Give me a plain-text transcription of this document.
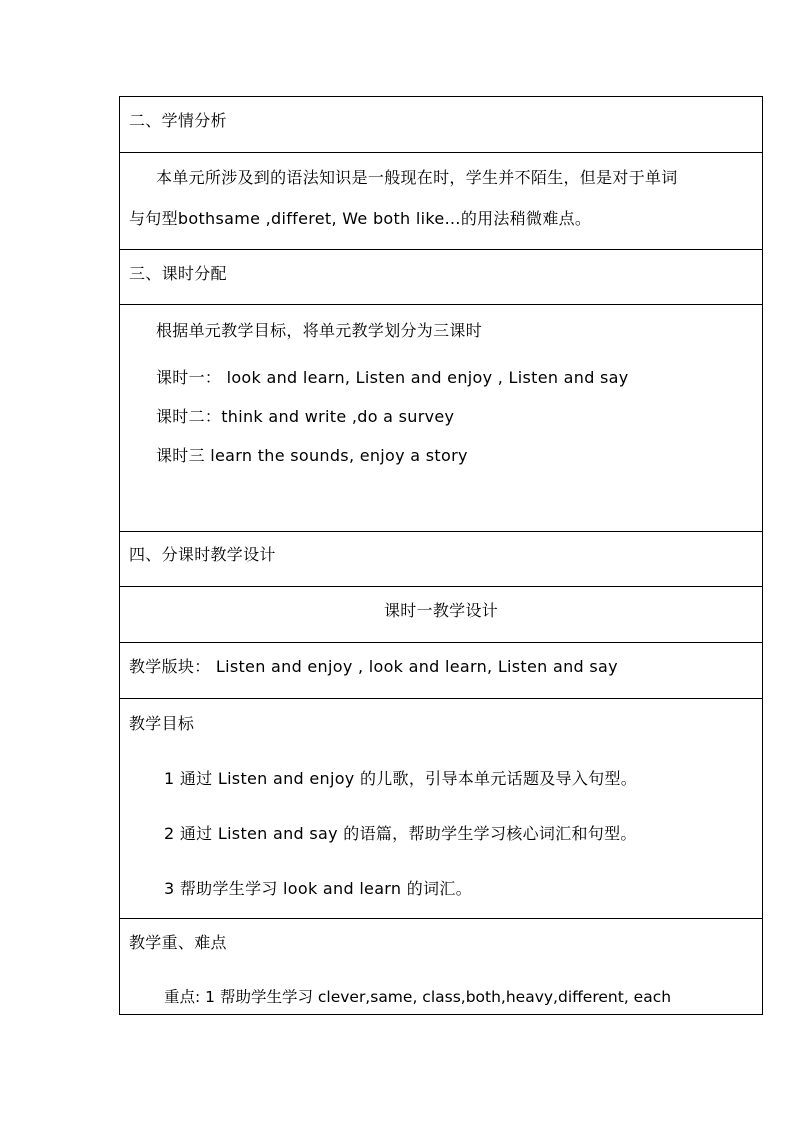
二、学情分析
本单元所涉及到的语法知识是一般现在时，学生并不陌生，但是对于单词
与句型bothsame ,differet, We both like…的用法稍微难点。
三、课时分配
根据单元教学目标，将单元教学划分为三课时
课时一： look and learn, Listen and enjoy , Listen and say
课时二：think and write ,do a survey
课时三 learn the sounds, enjoy a story
四、分课时教学设计
课时一教学设计
教学版块： Listen and enjoy , look and learn, Listen and say
教学目标
1 通过 Listen and enjoy 的儿歌，引导本单元话题及导入句型。
2 通过 Listen and say 的语篇，帮助学生学习核心词汇和句型。
3 帮助学生学习 look and learn 的词汇。
教学重、难点
重点: 1 帮助学生学习 clever,same, class,both,heavy,different, each
